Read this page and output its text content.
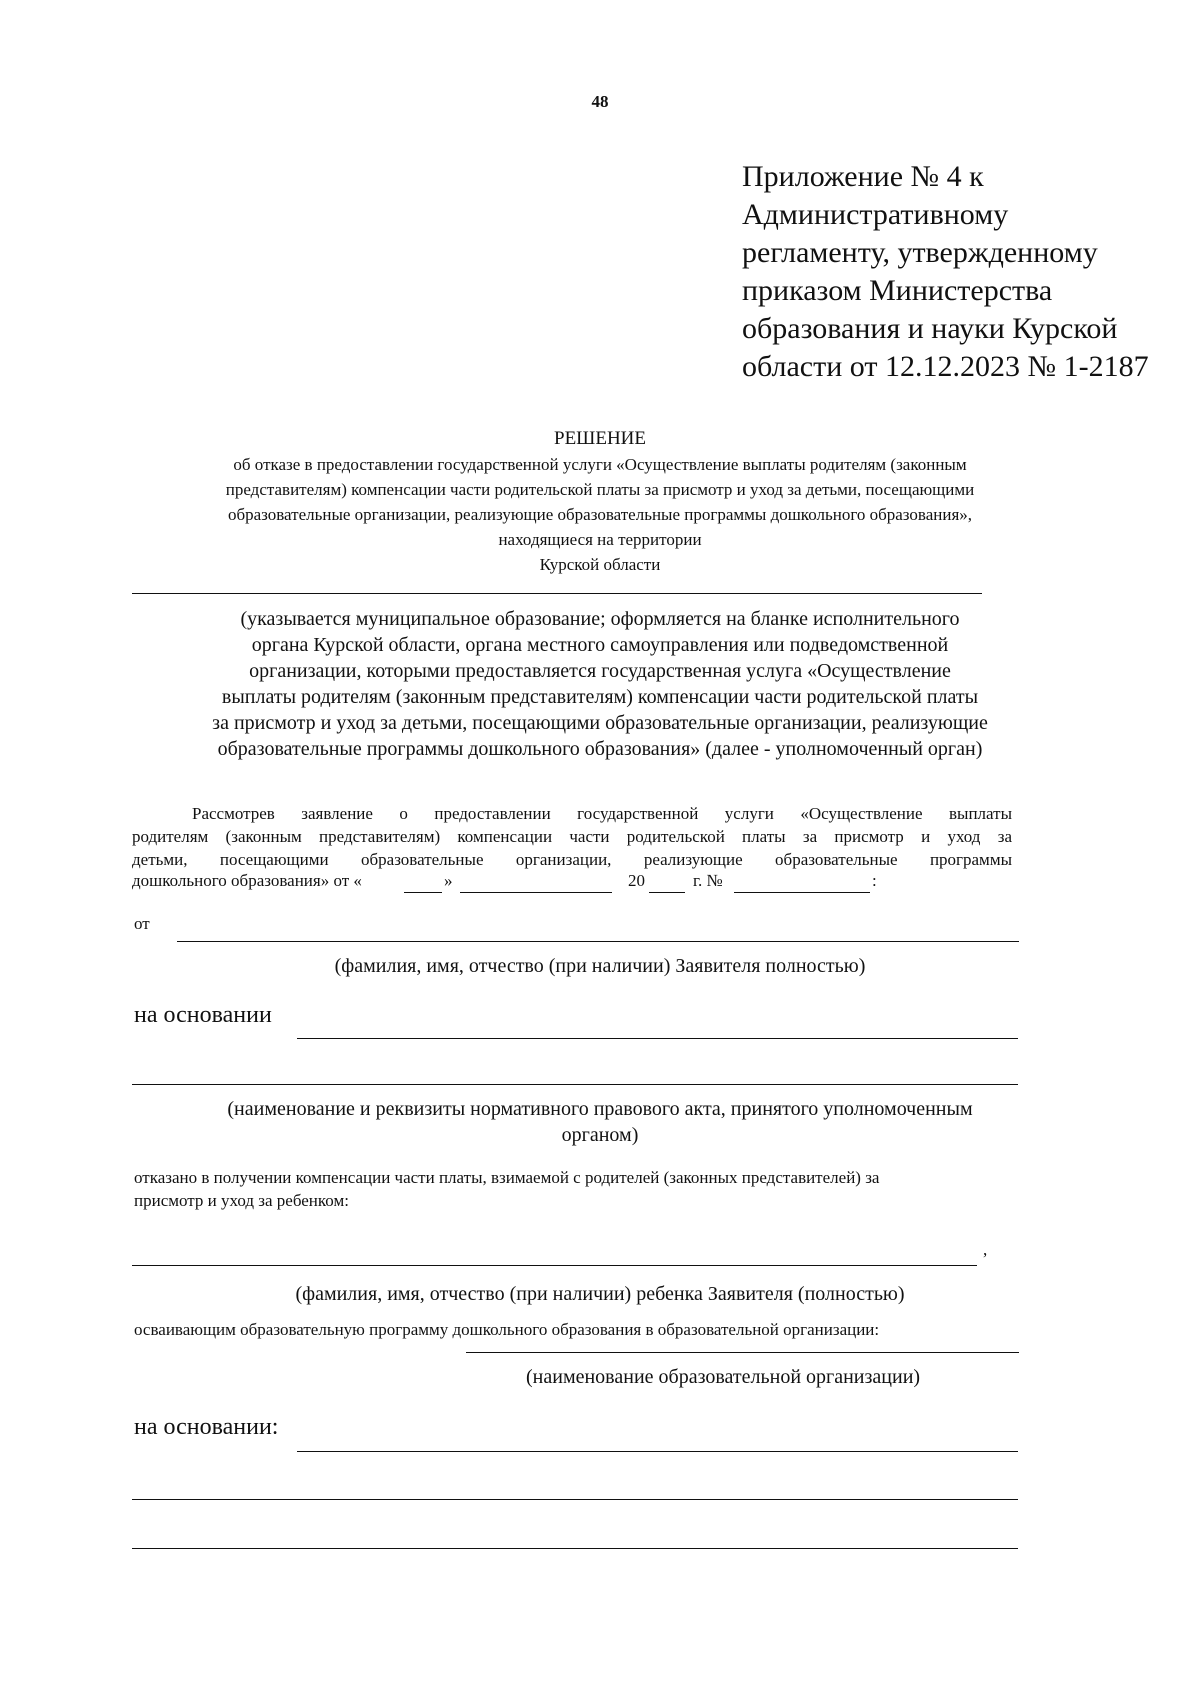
48
Приложение № 4 к
Административному
регламенту, утвержденному
приказом Министерства
образования и науки Курской
области от 12.12.2023 № 1-2187
РЕШЕНИЕ
об отказе в предоставлении государственной услуги «Осуществление выплаты родителям (законным
представителям) компенсации части родительской платы за присмотр и уход за детьми, посещающими
образовательные организации, реализующие образовательные программы дошкольного образования»,
находящиеся на территории
Курской области
(указывается муниципальное образование; оформляется на бланке исполнительного
органа Курской области, органа местного самоуправления или подведомственной
организации, которыми предоставляется государственная услуга «Осуществление
выплаты родителям (законным представителям) компенсации части родительской платы
за присмотр и уход за детьми, посещающими образовательные организации, реализующие
образовательные программы дошкольного образования» (далее - уполномоченный орган)
Рассмотрев заявление о предоставлении государственной услуги «Осуществление выплаты
родителям (законным представителям) компенсации части родительской платы за присмотр и уход за
детьми, посещающими образовательные организации, реализующие образовательные программы
дошкольного образования» от «	»	20	г. №	:
от
(фамилия, имя, отчество (при наличии) Заявителя полностью)
на основании
(наименование и реквизиты нормативного правового акта, принятого уполномоченным
органом)
отказано в получении компенсации части платы, взимаемой с родителей (законных представителей) за
присмотр и уход за ребенком:
,
(фамилия, имя, отчество (при наличии) ребенка Заявителя (полностью)
осваивающим образовательную программу дошкольного образования в образовательной организации:
(наименование образовательной организации)
на основании:
